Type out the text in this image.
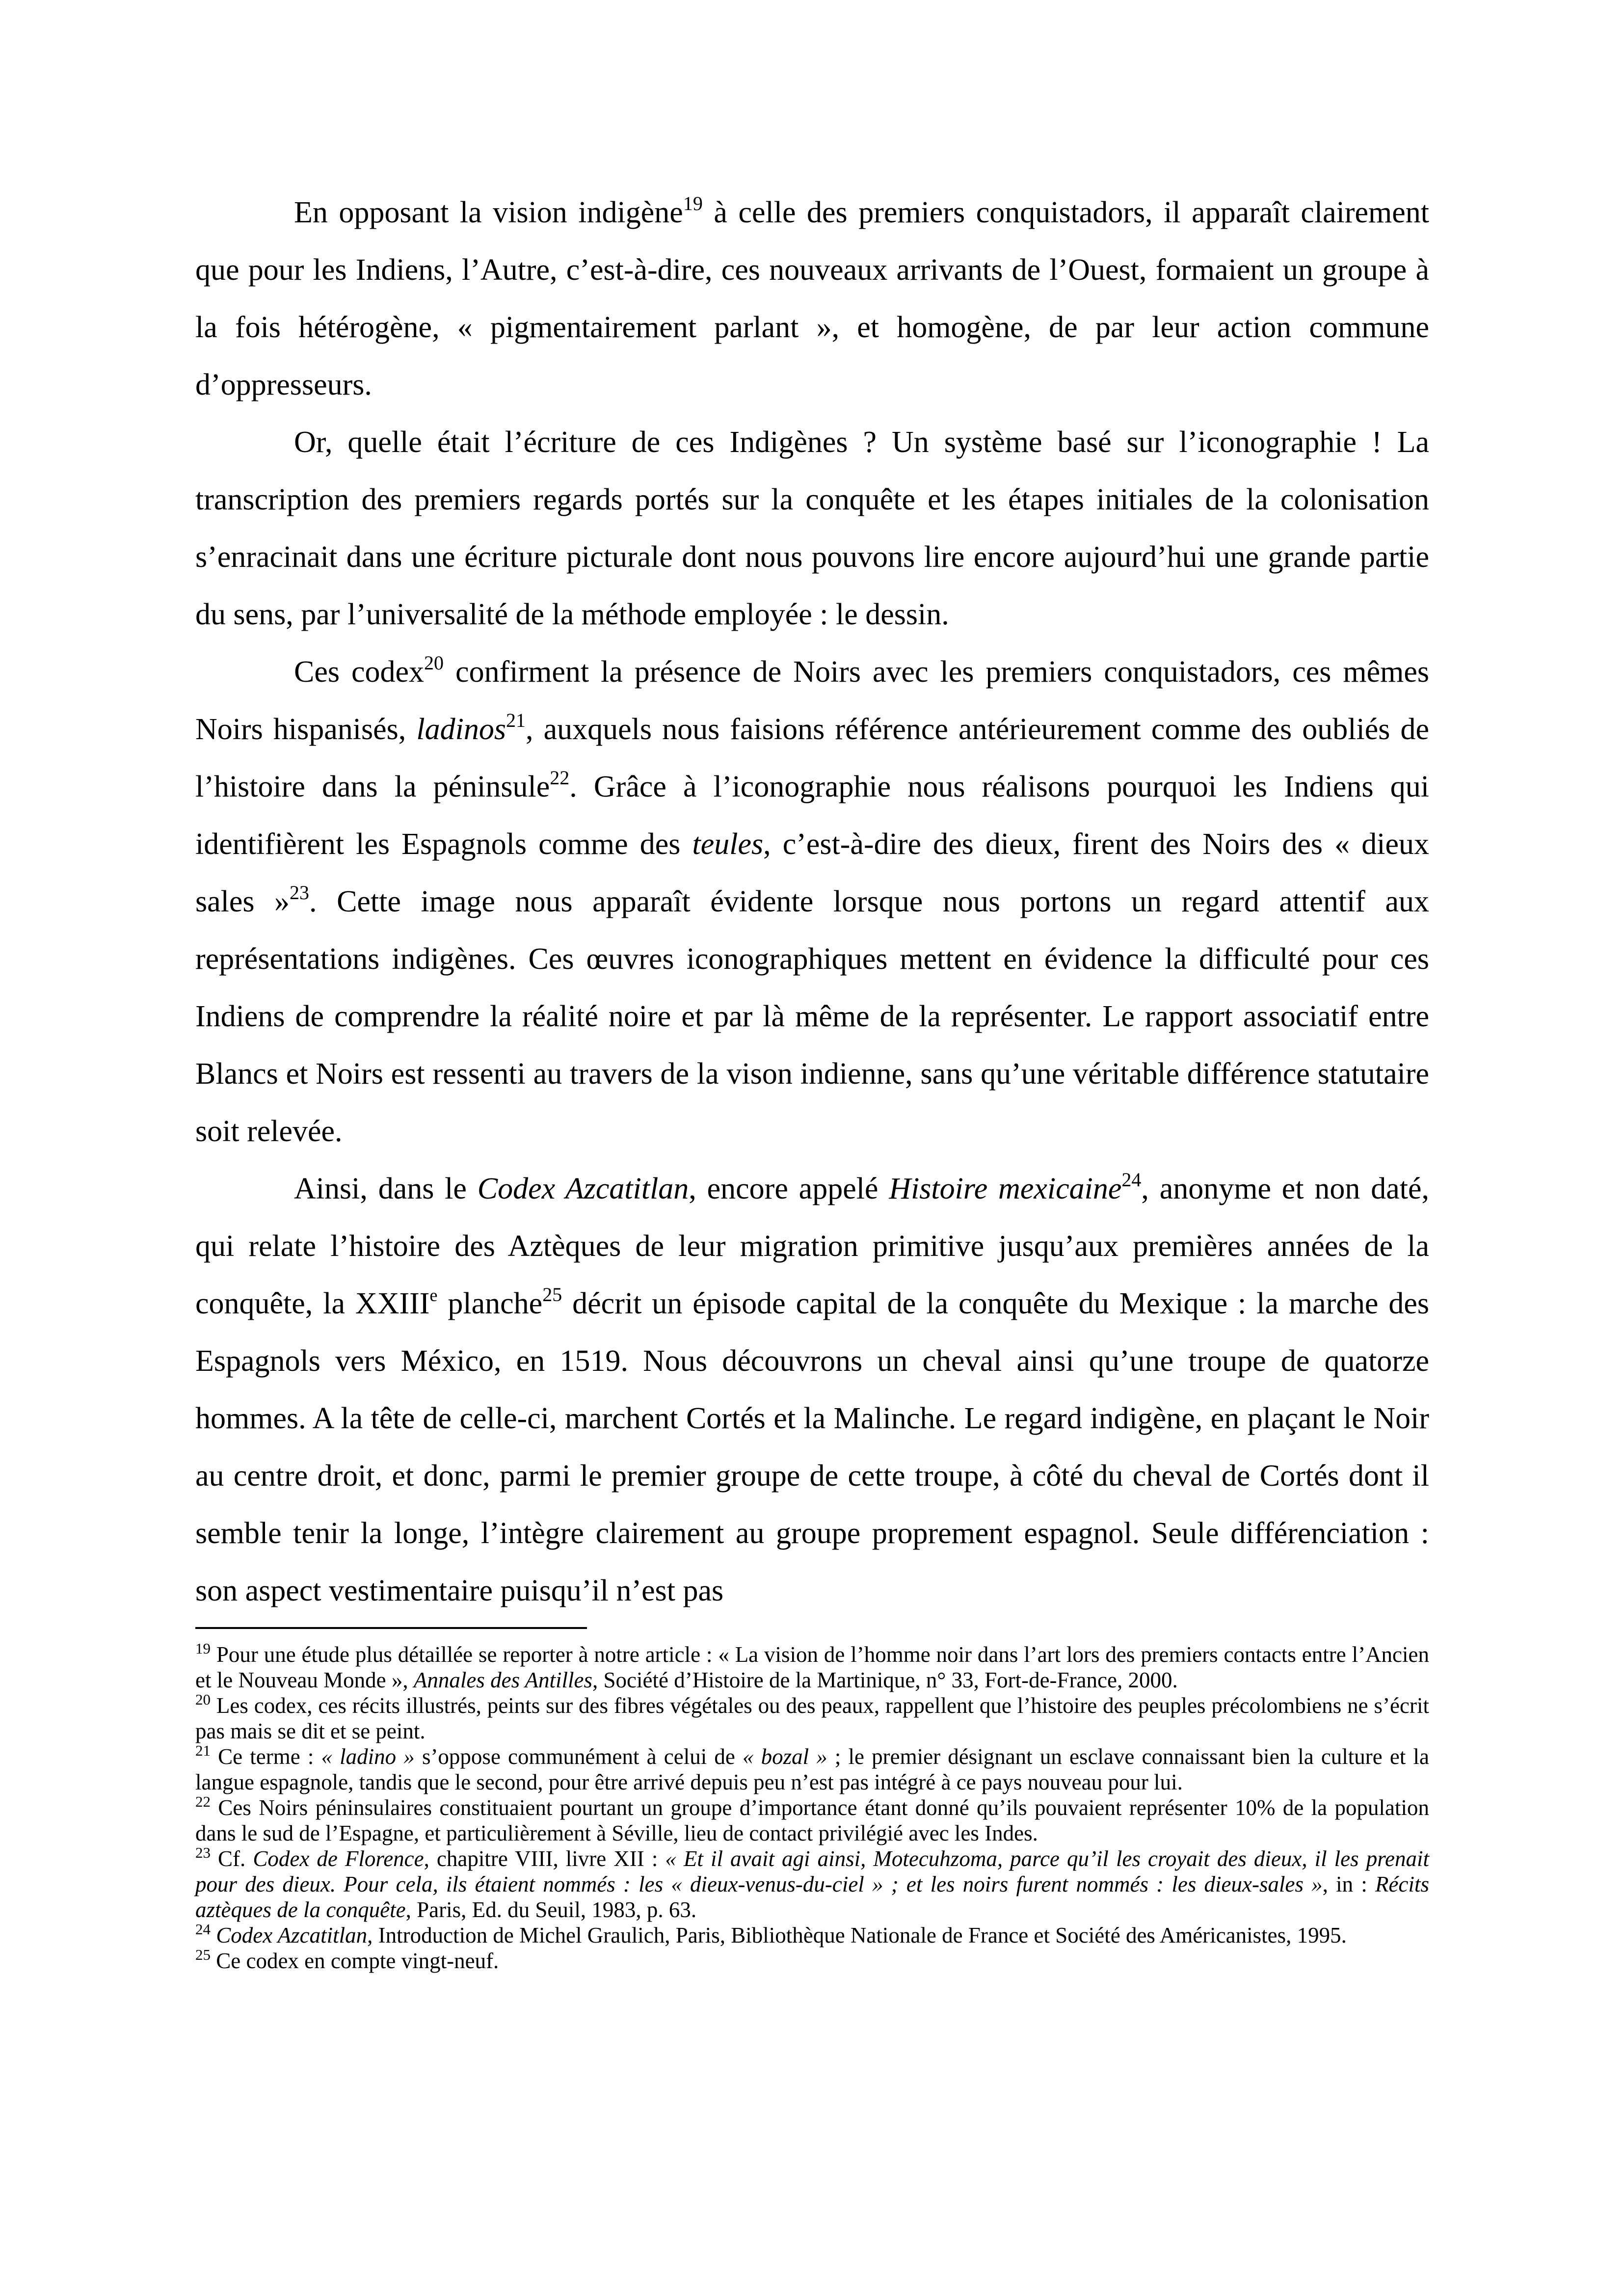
En opposant la vision indigène$^{19}$ à celle des premiers conquistadors, il apparaît clairement que pour les Indiens, l’Autre, c’est-à-dire, ces nouveaux arrivants de l’Ouest, formaient un groupe à la fois hétérogène, « pigmentairement parlant », et homogène, de par leur action commune d’oppresseurs.

Or, quelle était l’écriture de ces Indigènes ? Un système basé sur l’iconographie ! La transcription des premiers regards portés sur la conquête et les étapes initiales de la colonisation s’enracinait dans une écriture picturale dont nous pouvons lire encore aujourd’hui une grande partie du sens, par l’universalité de la méthode employée : le dessin.

Ces codex$^{20}$ confirment la présence de Noirs avec les premiers conquistadors, ces mêmes Noirs hispanisés, ladinos$^{21}$, auxquels nous faisions référence antérieurement comme des oubliés de l’histoire dans la péninsule$^{22}$. Grâce à l’iconographie nous réalisons pourquoi les Indiens qui identifièrent les Espagnols comme des teules, c’est-à-dire des dieux, firent des Noirs des « dieux sales »$^{23}$. Cette image nous apparaît évidente lorsque nous portons un regard attentif aux représentations indigènes. Ces œuvres iconographiques mettent en évidence la difficulté pour ces Indiens de comprendre la réalité noire et par là même de la représenter. Le rapport associatif entre Blancs et Noirs est ressenti au travers de la vison indienne, sans qu’une véritable différence statutaire soit relevée.

Ainsi, dans le Codex Azcatitlan, encore appelé Histoire mexicaine$^{24}$, anonyme et non daté, qui relate l’histoire des Aztèques de leur migration primitive jusqu’aux premières années de la conquête, la XXIIIe planche$^{25}$ décrit un épisode capital de la conquête du Mexique : la marche des Espagnols vers México, en 1519. Nous découvrons un cheval ainsi qu’une troupe de quatorze hommes. A la tête de celle-ci, marchent Cortés et la Malinche. Le regard indigène, en plaçant le Noir au centre droit, et donc, parmi le premier groupe de cette troupe, à côté du cheval de Cortés dont il semble tenir la longe, l’intègre clairement au groupe proprement espagnol. Seule différenciation : son aspect vestimentaire puisqu’il n’est pas

$^{19}$ Pour une étude plus détaillée se reporter à notre article : « La vision de l’homme noir dans l’art lors des premiers contacts entre l’Ancien et le Nouveau Monde », Annales des Antilles, Société d’Histoire de la Martinique, n° 33, Fort-de-France, 2000.

$^{20}$ Les codex, ces récits illustrés, peints sur des fibres végétales ou des peaux, rappellent que l’histoire des peuples précolombiens ne s’écrit pas mais se dit et se peint.

$^{21}$ Ce terme : « ladino » s’oppose communément à celui de « bozal » ; le premier désignant un esclave connaissant bien la culture et la langue espagnole, tandis que le second, pour être arrivé depuis peu n’est pas intégré à ce pays nouveau pour lui.

$^{22}$ Ces Noirs péninsulaires constituaient pourtant un groupe d’importance étant donné qu’ils pouvaient représenter 10% de la population dans le sud de l’Espagne, et particulièrement à Séville, lieu de contact privilégié avec les Indes.

$^{23}$ Cf. Codex de Florence, chapitre VIII, livre XII : « Et il avait agi ainsi, Motecuhzoma, parce qu’il les croyait des dieux, il les prenait pour des dieux. Pour cela, ils étaient nommés : les « dieux-venus-du-ciel » ; et les noirs furent nommés : les dieux-sales », in : Récits aztèques de la conquête, Paris, Ed. du Seuil, 1983, p. 63.

$^{24}$ Codex Azcatitlan, Introduction de Michel Graulich, Paris, Bibliothèque Nationale de France et Société des Américanistes, 1995.

$^{25}$ Ce codex en compte vingt-neuf.
